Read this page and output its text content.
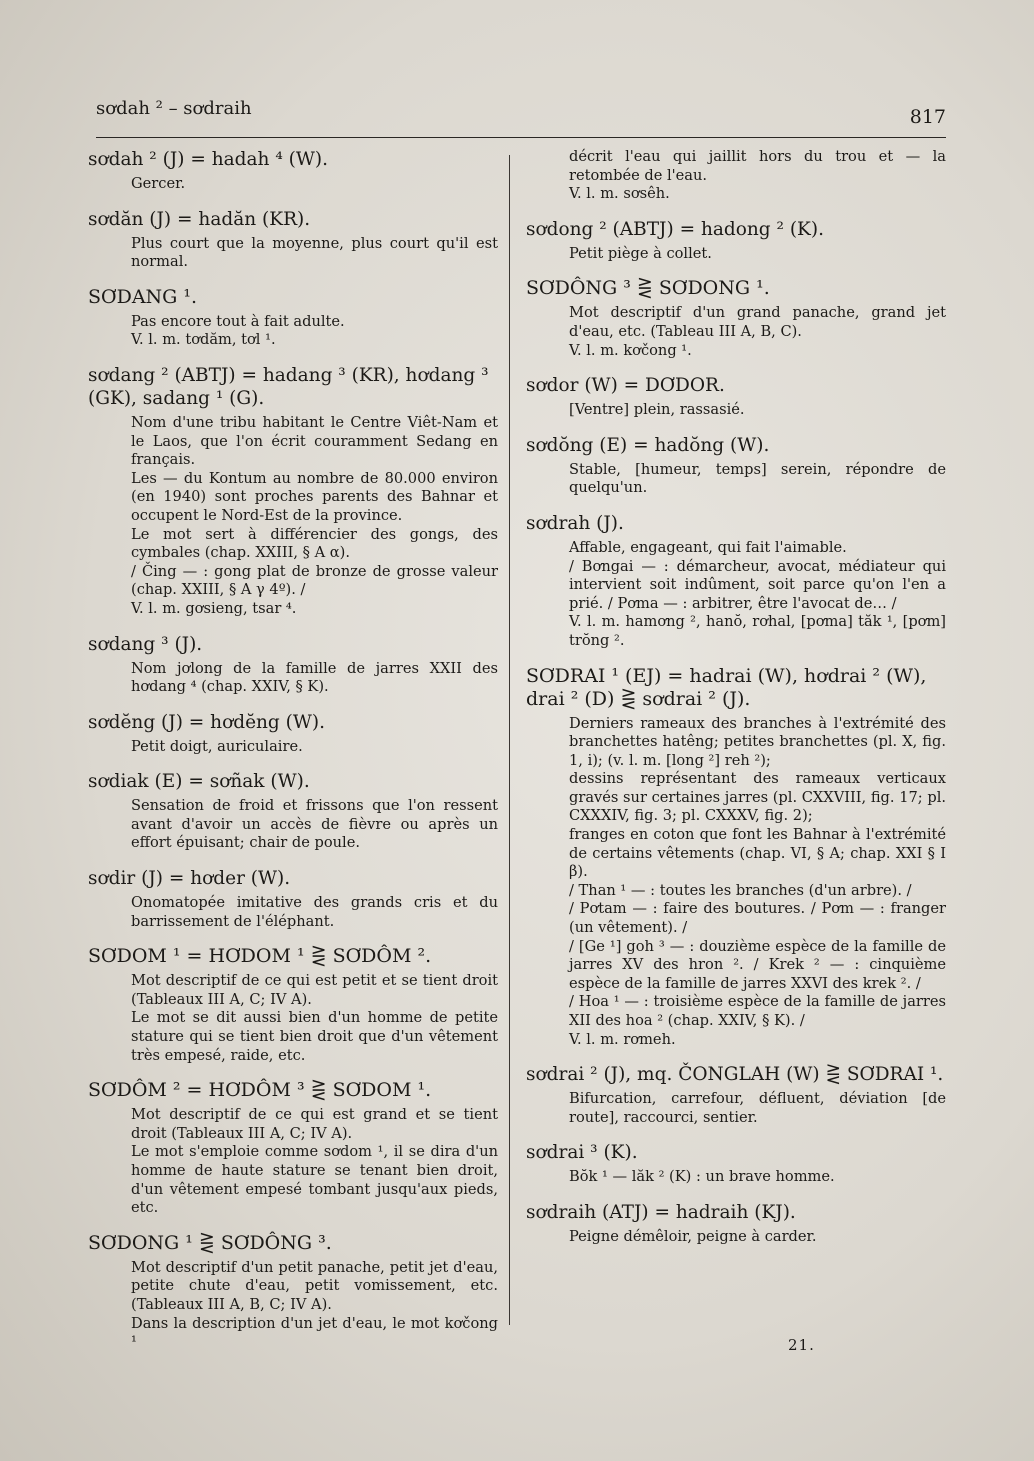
sơdah ² – sơdraih	817
sơdah ² (J) = hadah ⁴ (W).

Gercer.

sơdăn (J) = hadăn (KR).

Plus court que la moyenne, plus court qu'il est normal.

SƠDANG ¹.

Pas encore tout à fait adulte.

V. l. m. tơdăm, tơl ¹.

sơdang ² (ABTJ) = hadang ³ (KR), hơdang ³ (GK), sadang ¹ (G).

Nom d'une tribu habitant le Centre Viêt-Nam et le Laos, que l'on écrit couramment Sedang en français.

Les — du Kontum au nombre de 80.000 environ (en 1940) sont proches parents des Bahnar et occupent le Nord-Est de la province.

Le mot sert à différencier des gongs, des cymbales (chap. XXIII, § A α).

/ Čing — : gong plat de bronze de grosse valeur (chap. XXIII, § A γ 4º). /

V. l. m. gơsieng, tsar ⁴.

sơdang ³ (J).

Nom jơlong de la famille de jarres XXII des hơdang ⁴ (chap. XXIV, § K).

sơdĕng (J) = hơdĕng (W).

Petit doigt, auriculaire.

sơdiak (E) = sơñak (W).

Sensation de froid et frissons que l'on ressent avant d'avoir un accès de fièvre ou après un effort épuisant; chair de poule.

sơdir (J) = hơder (W).

Onomatopée imitative des grands cris et du barrissement de l'éléphant.

SƠDOM ¹ = HƠDOM ¹ ⋛ SƠDÔM ².

Mot descriptif de ce qui est petit et se tient droit (Tableaux III A, C; IV A).

Le mot se dit aussi bien d'un homme de petite stature qui se tient bien droit que d'un vêtement très empesé, raide, etc.

SƠDÔM ² = HƠDÔM ³ ⋛ SƠDOM ¹.

Mot descriptif de ce qui est grand et se tient droit (Tableaux III A, C; IV A).

Le mot s'emploie comme sơdom ¹, il se dira d'un homme de haute stature se tenant bien droit, d'un vêtement empesé tombant jusqu'aux pieds, etc.

SƠDONG ¹ ⋛ SƠDÔNG ³.

Mot descriptif d'un petit panache, petit jet d'eau, petite chute d'eau, petit vomissement, etc. (Tableaux III A, B, C; IV A).

Dans la description d'un jet d'eau, le mot kơčong ¹

décrit l'eau qui jaillit hors du trou et — la retombée de l'eau.

V. l. m. sơsêh.

sơdong ² (ABTJ) = hadong ² (K).

Petit piège à collet.

SƠDÔNG ³ ⋛ SƠDONG ¹.

Mot descriptif d'un grand panache, grand jet d'eau, etc. (Tableau III A, B, C).

V. l. m. kơčong ¹.

sơdor (W) = DƠDOR.

[Ventre] plein, rassasié.

sơdŏng (E) = hadŏng (W).

Stable, [humeur, temps] serein, répondre de quelqu'un.

sơdrah (J).

Affable, engageant, qui fait l'aimable.

/ Bơngai — : démarcheur, avocat, médiateur qui intervient soit indûment, soit parce qu'on l'en a prié. / Pơma — : arbitrer, être l'avocat de… /

V. l. m. hamơng ², hanŏ, rơhal, [pơma] tăk ¹, [pơm] trŏng ².

SƠDRAI ¹ (EJ) = hadrai (W), hơdrai ² (W), drai ² (D) ⋛ sơdrai ² (J).

Derniers rameaux des branches à l'extrémité des branchettes hatêng; petites branchettes (pl. X, fig. 1, i); (v. l. m. [long ²] reh ²);

dessins représentant des rameaux verticaux gravés sur certaines jarres (pl. CXXVIII, fig. 17; pl. CXXXIV, fig. 3; pl. CXXXV, fig. 2);

franges en coton que font les Bahnar à l'extrémité de certains vêtements (chap. VI, § A; chap. XXI § I β).

/ Than ¹ — : toutes les branches (d'un arbre). /

/ Pơtam — : faire des boutures. / Pơm — : franger (un vêtement). /

/ [Ge ¹] goh ³ — : douzième espèce de la famille de jarres XV des hron ². / Krek ² — : cinquième espèce de la famille de jarres XXVI des krek ². /

/ Hoa ¹ — : troisième espèce de la famille de jarres XII des hoa ² (chap. XXIV, § K). /

V. l. m. rơmeh.

sơdrai ² (J), mq. ČONGLAH (W) ⋛ SƠDRAI ¹.

Bifurcation, carrefour, défluent, déviation [de route], raccourci, sentier.

sơdrai ³ (K).

Bŏk ¹ — lăk ² (K) : un brave homme.

sơdraih (ATJ) = hadraih (KJ).

Peigne démêloir, peigne à carder.

21.
